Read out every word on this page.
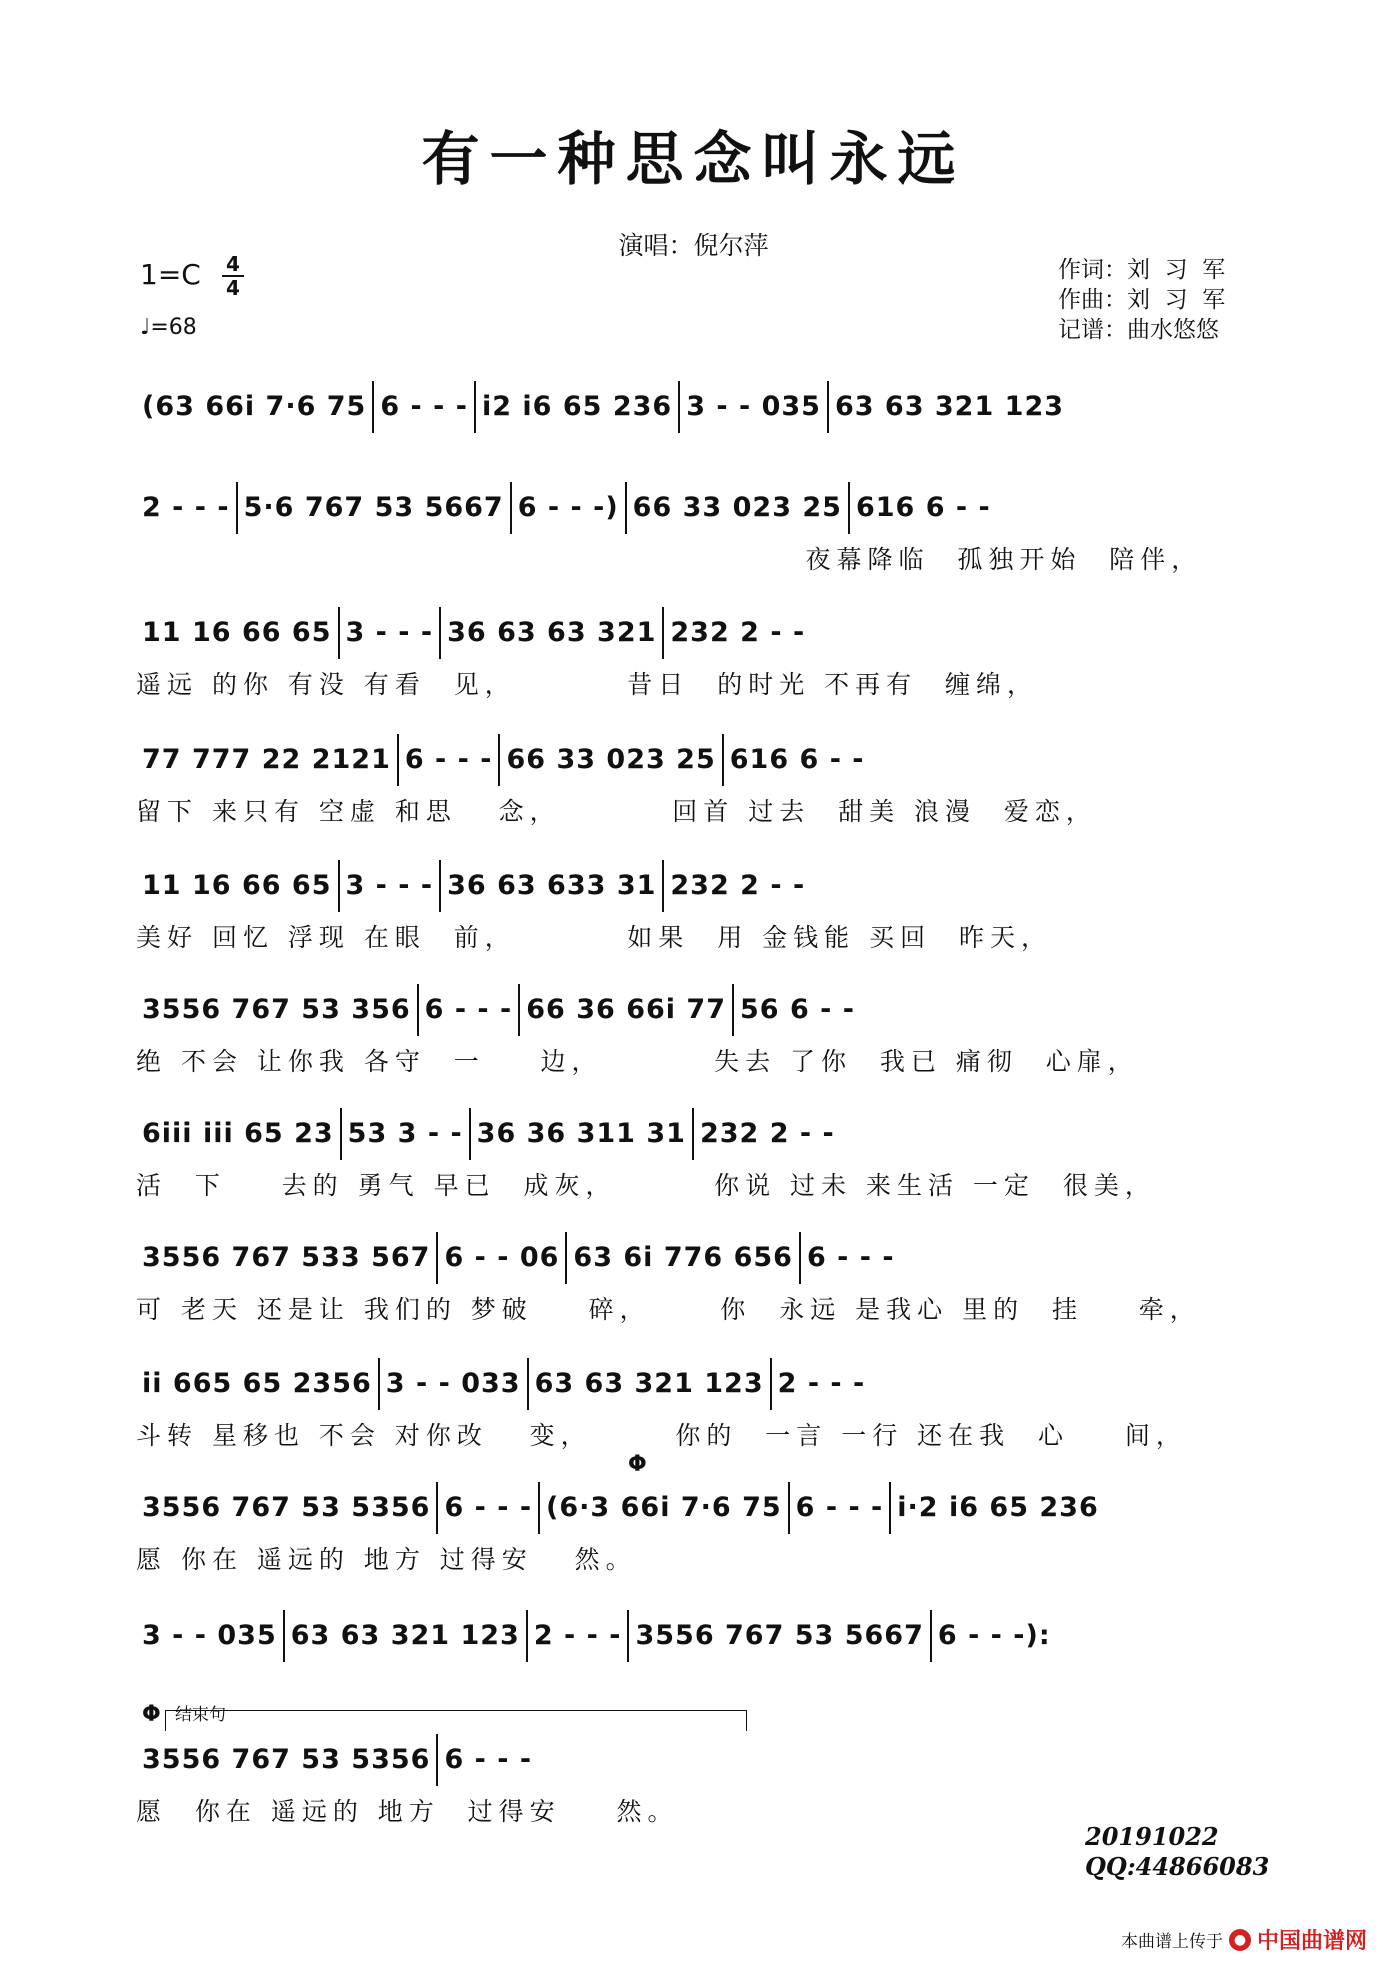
有一种思念叫永远
演唱：倪尔萍
1=C 4
4
♩=68
作词：刘  习  军
作曲：刘  习  军
记谱：曲水悠悠
(63 66i 7·6 75 6 - - - i2 i6 65 236 3 - - 035 63 63 321 123
2 - - - 5·6 767 53 5667 6 - - -) 66 33 023 25 616 6 - -
夜幕降临  孤独开始  陪伴，
11 16 66 65 3 - - - 36 63 63 321 232 2 - -
遥远 的你 有没 有看  见，        昔日  的时光 不再有  缠绵，
77 777 22 2121 6 - - - 66 33 023 25 616 6 - -
留下 来只有 空虚 和思   念，        回首 过去  甜美 浪漫  爱恋，
11 16 66 65 3 - - - 36 63 633 31 232 2 - -
美好 回忆 浮现 在眼  前，        如果  用 金钱能 买回  昨天，
3556 767 53 356 6 - - - 66 36 66i 77 56 6 - -
绝 不会 让你我 各守  一    边，        失去 了你  我已 痛彻  心扉，
6iii iii 65 23 53 3 - - 36 36 311 31 232 2 - -
活  下    去的 勇气 早已  成灰，       你说 过未 来生活 一定  很美，
3556 767 533 567 6 - - 06 63 6i 776 656 6 - - -
可 老天 还是让 我们的 梦破    碎，     你  永远 是我心 里的  挂    牵，
ii 665 65 2356 3 - - 033 63 63 321 123 2 - - -
斗转 星移也 不会 对你改   变，      你的  一言 一行 还在我  心    间，
3556 767 53 5356 6 - - - (6·3 66i 7·6 75 6 - - - i·2 i6 65 236
愿 你在 遥远的 地方 过得安   然。
3 - - 035 63 63 321 123 2 - - - 3556 767 53 5667 6 - - -):
3556 767 53 5356 6 - - -
愿  你在 遥远的 地方  过得安    然。
Φ
结束句
Φ
20191022
QQ:44866083
本曲谱上传于 ● 中国曲谱网
